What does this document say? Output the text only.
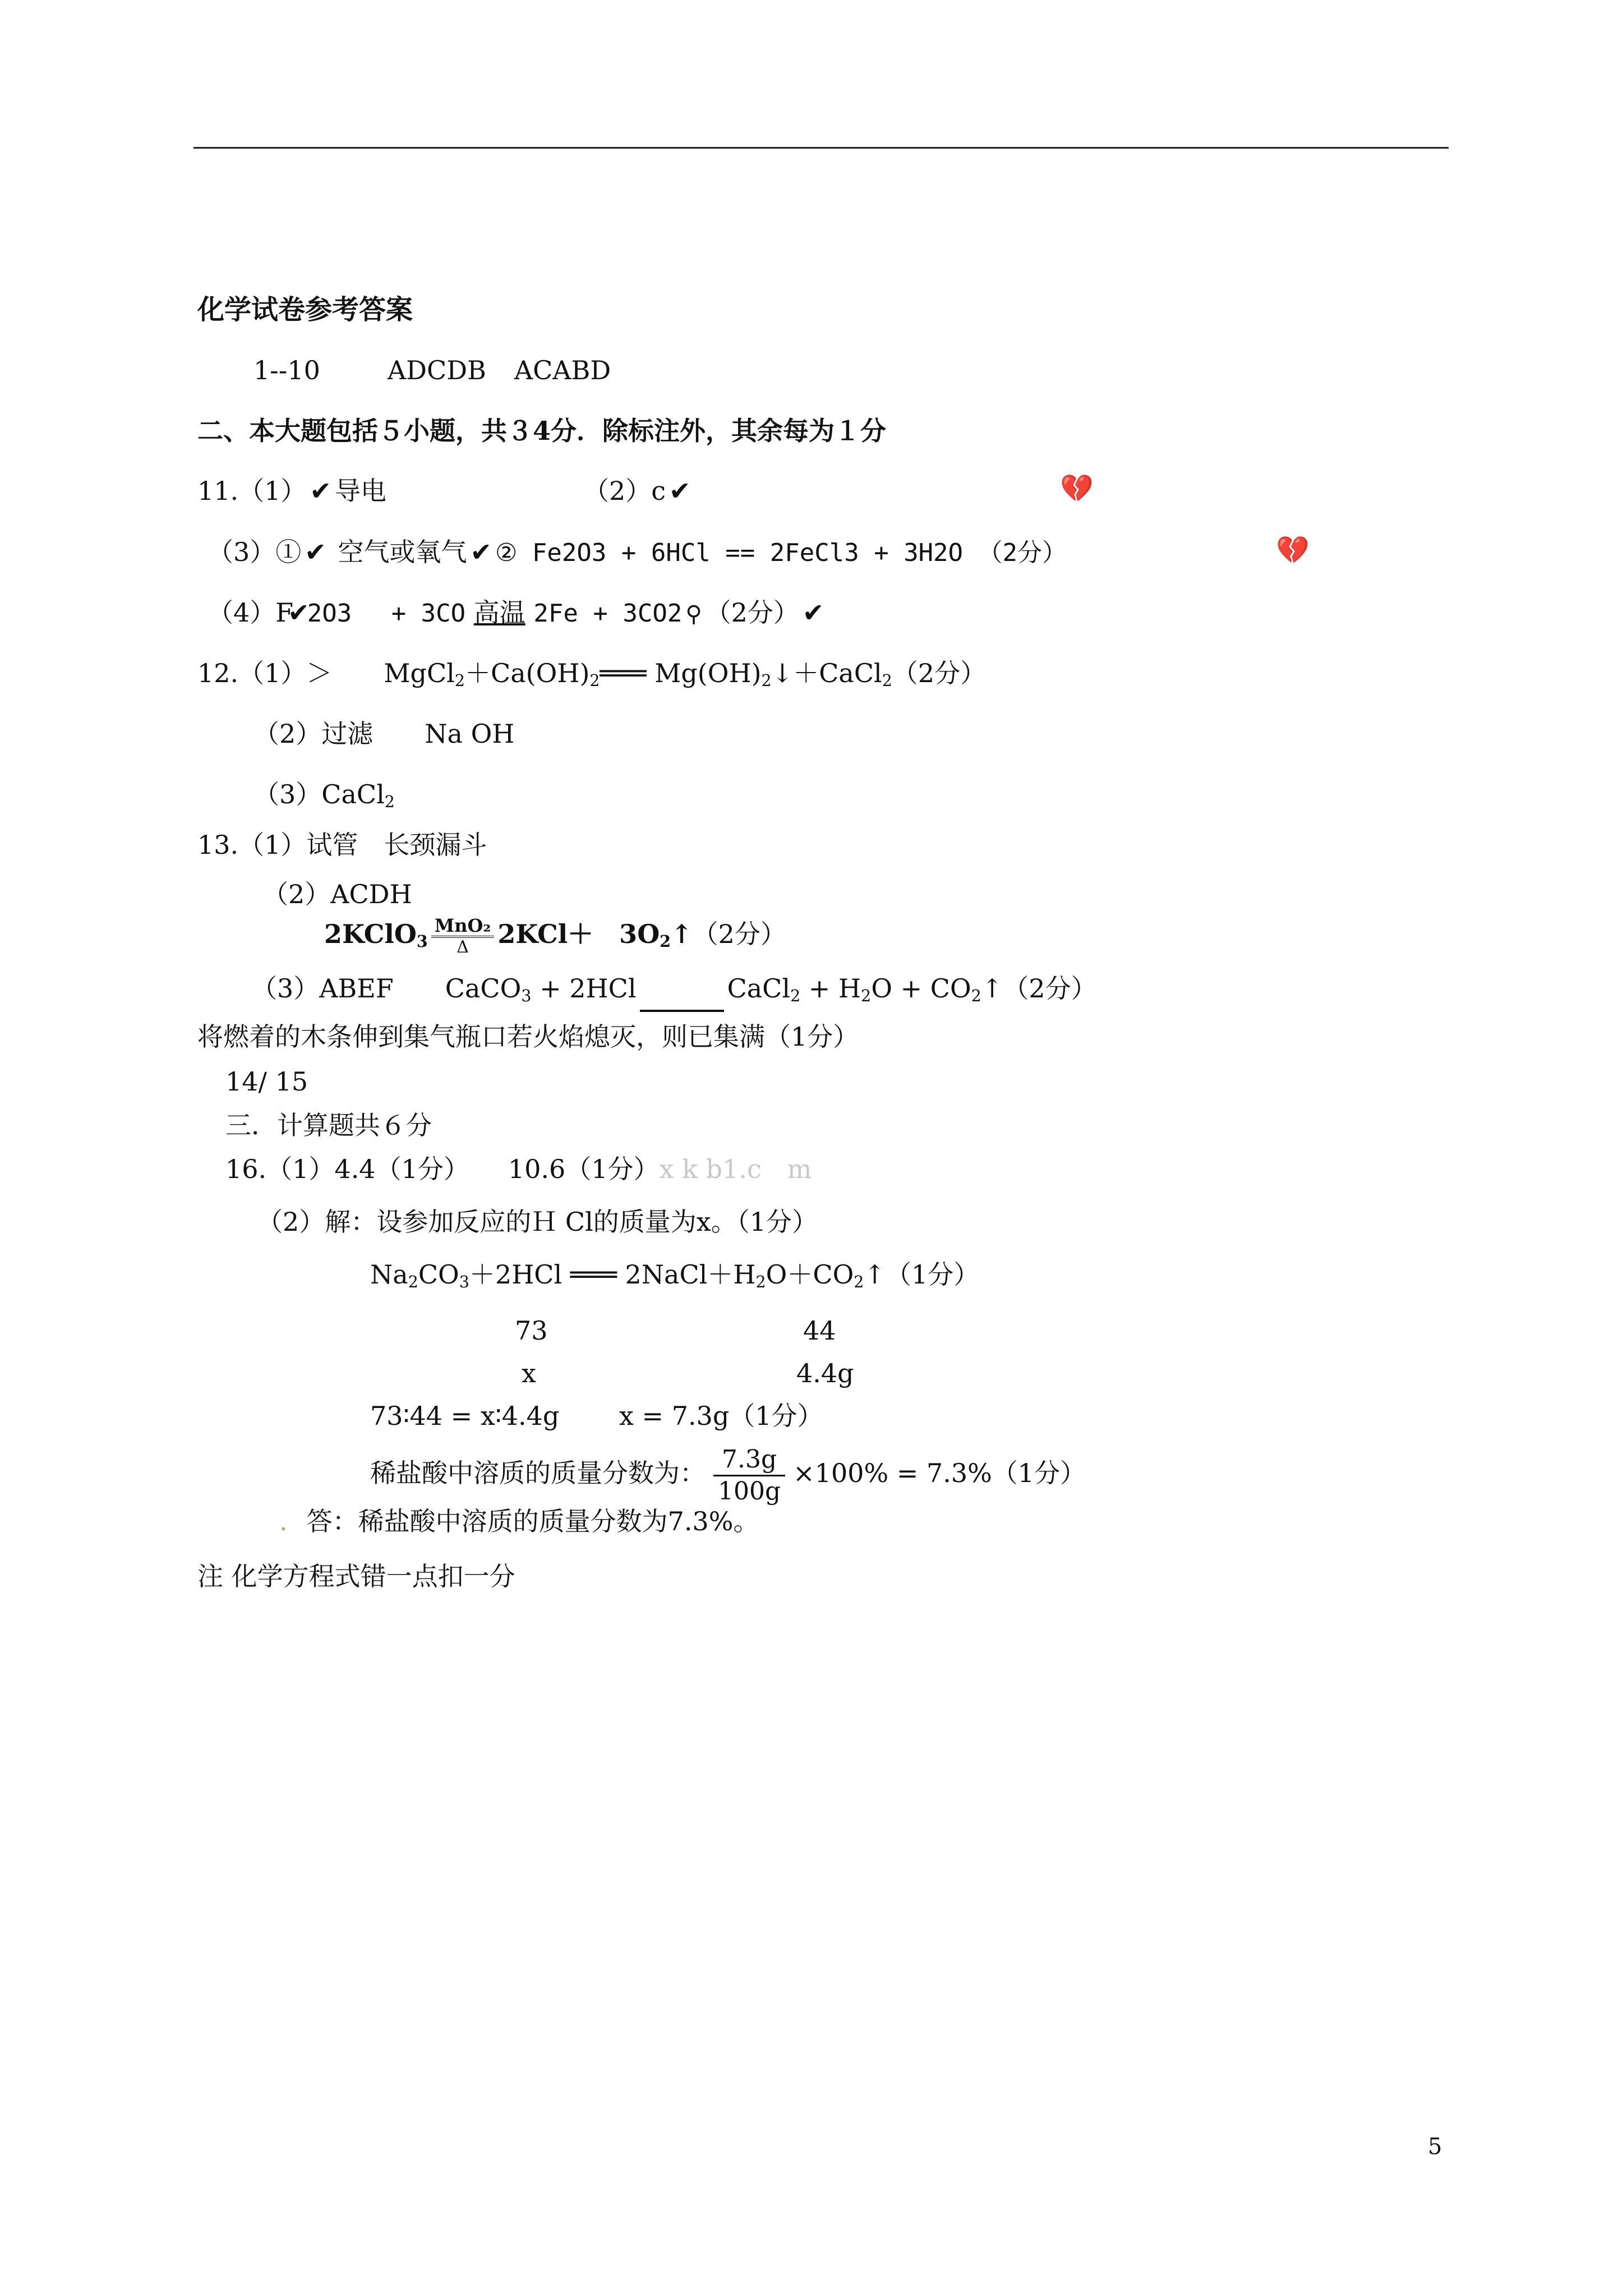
化学试卷参考答案
1--10	ADCDB ACABD
二、本大题包括５小题，共３4分．除标注外，其余每为１分
11.（1） ✔ 导电	（2）c ✔	💔
（3）① ✔ 空气或氧气 ✔ ② Fe2O3 + 6HCl == 2FeCl3 + 3H2O （2分）	💔
（4）F✔2O3　 + 3CO 高温 2Fe + 3CO2 ⚲ （2分） ✔
12.（1）＞　　$MgCl_2+Ca(OH)_2═══$ $Mg(OH)_2↓+CaCl_2(2$分）
（2）过滤　　Na OH
（3）CaCl$_2$
13.（1）试管　长颈漏斗
（2）ACDH
2KClO$_3$
MnO₂
Δ	2KCl＋　$3O_2↑(2$分）
（3）ABEF　　CaCO$_3$ + 2HCl	CaCl$_2$ + $H_2O$ + $CO_2↑(2$分）
将燃着的木条伸到集气瓶口若火焰熄灭，则已集满（1分）
14/ 15
三．计算题共６分
16.（1）4.4（1分）　　10.6（1分）x k b1.c　m
（2）解：设参加反应的Ｈ Cl的质量为x。（1分）
$Na_2CO_3+2HCl$ ═══ $2NaCl+H_2O+CO_2↑(1$分）
73	44
x	4.4g
73∶44 = x∶4.4g　　 x = 7.3g（1分）
稀盐酸中溶质的质量分数为： $\frac{7.3g}{100g} \times 100\% = 7.3\%(1$分）
. 答：稀盐酸中溶质的质量分数为7.3%。
注 化学方程式错一点扣一分
5
